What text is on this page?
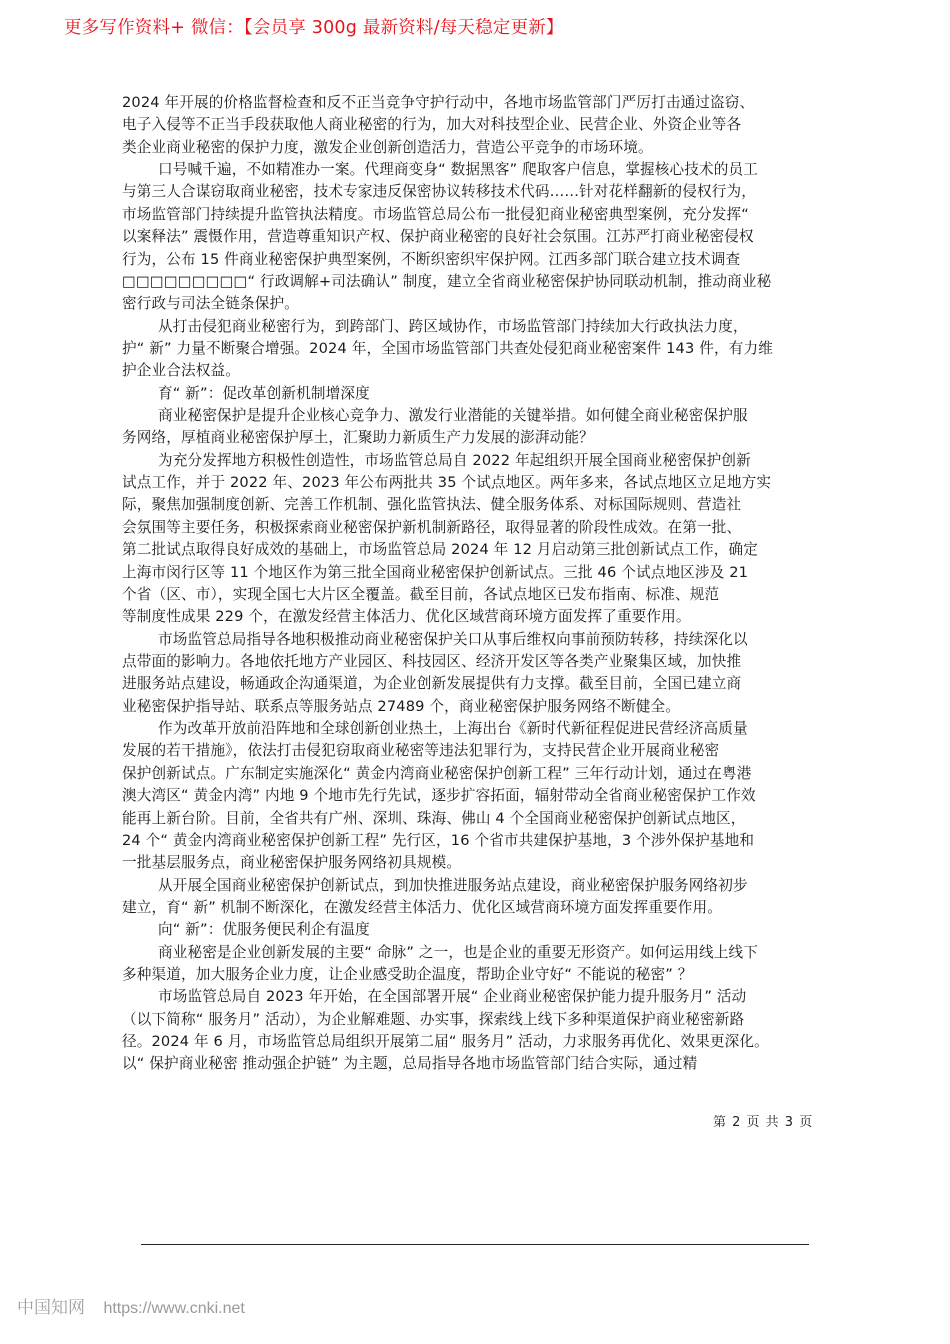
更多写作资料+ 微信：【会员享 300g 最新资料/每天稳定更新】
2024 年开展的价格监督检查和反不正当竞争守护行动中，各地市场监管部门严厉打击通过盗窃、
电子入侵等不正当手段获取他人商业秘密的行为，加大对科技型企业、民营企业、外资企业等各
类企业商业秘密的保护力度，激发企业创新创造活力，营造公平竞争的市场环境。
口号喊千遍，不如精准办一案。代理商变身“ 数据黑客” 爬取客户信息，掌握核心技术的员工
与第三人合谋窃取商业秘密，技术专家违反保密协议转移技术代码……针对花样翻新的侵权行为，
市场监管部门持续提升监管执法精度。市场监管总局公布一批侵犯商业秘密典型案例，充分发挥“
以案释法” 震慑作用，营造尊重知识产权、保护商业秘密的良好社会氛围。江苏严打商业秘密侵权
行为，公布 15 件商业秘密保护典型案例，不断织密织牢保护网。江西多部门联合建立技术调查
□□□□□□□□□“ 行政调解+司法确认” 制度，建立全省商业秘密保护协同联动机制，推动商业秘
密行政与司法全链条保护。
从打击侵犯商业秘密行为，到跨部门、跨区域协作，市场监管部门持续加大行政执法力度，
护“ 新” 力量不断聚合增强。2024 年，全国市场监管部门共查处侵犯商业秘密案件 143 件，有力维
护企业合法权益。
育“ 新”：促改革创新机制增深度
商业秘密保护是提升企业核心竞争力、激发行业潜能的关键举措。如何健全商业秘密保护服
务网络，厚植商业秘密保护厚土，汇聚助力新质生产力发展的澎湃动能？
为充分发挥地方积极性创造性，市场监管总局自 2022 年起组织开展全国商业秘密保护创新
试点工作，并于 2022 年、2023 年公布两批共 35 个试点地区。两年多来，各试点地区立足地方实
际，聚焦加强制度创新、完善工作机制、强化监管执法、健全服务体系、对标国际规则、营造社
会氛围等主要任务，积极探索商业秘密保护新机制新路径，取得显著的阶段性成效。在第一批、
第二批试点取得良好成效的基础上，市场监管总局 2024 年 12 月启动第三批创新试点工作，确定
上海市闵行区等 11 个地区作为第三批全国商业秘密保护创新试点。三批 46 个试点地区涉及 21
个省（区、市），实现全国七大片区全覆盖。截至目前，各试点地区已发布指南、标准、规范
等制度性成果 229 个，在激发经营主体活力、优化区域营商环境方面发挥了重要作用。
市场监管总局指导各地积极推动商业秘密保护关口从事后维权向事前预防转移，持续深化以
点带面的影响力。各地依托地方产业园区、科技园区、经济开发区等各类产业聚集区域，加快推
进服务站点建设，畅通政企沟通渠道，为企业创新发展提供有力支撑。截至目前，全国已建立商
业秘密保护指导站、联系点等服务站点 27489 个，商业秘密保护服务网络不断健全。
作为改革开放前沿阵地和全球创新创业热土，上海出台《新时代新征程促进民营经济高质量
发展的若干措施》，依法打击侵犯窃取商业秘密等违法犯罪行为，支持民营企业开展商业秘密
保护创新试点。广东制定实施深化“ 黄金内湾商业秘密保护创新工程” 三年行动计划，通过在粤港
澳大湾区“ 黄金内湾” 内地 9 个地市先行先试，逐步扩容拓面，辐射带动全省商业秘密保护工作效
能再上新台阶。目前，全省共有广州、深圳、珠海、佛山 4 个全国商业秘密保护创新试点地区，
24 个“ 黄金内湾商业秘密保护创新工程” 先行区，16 个省市共建保护基地，3 个涉外保护基地和
一批基层服务点，商业秘密保护服务网络初具规模。
从开展全国商业秘密保护创新试点，到加快推进服务站点建设，商业秘密保护服务网络初步
建立，育“ 新” 机制不断深化，在激发经营主体活力、优化区域营商环境方面发挥重要作用。
向“ 新”：优服务便民利企有温度
商业秘密是企业创新发展的主要“ 命脉” 之一，也是企业的重要无形资产。如何运用线上线下
多种渠道，加大服务企业力度，让企业感受助企温度，帮助企业守好“ 不能说的秘密” ？
市场监管总局自 2023 年开始，在全国部署开展“ 企业商业秘密保护能力提升服务月” 活动
（以下简称“ 服务月” 活动），为企业解难题、办实事，探索线上线下多种渠道保护商业秘密新路
径。2024 年 6 月，市场监管总局组织开展第二届“ 服务月” 活动，力求服务再优化、效果更深化。
以“ 保护商业秘密 推动强企护链” 为主题，总局指导各地市场监管部门结合实际，通过精
第 2 页 共 3 页
中国知网 https://www.cnki.net
